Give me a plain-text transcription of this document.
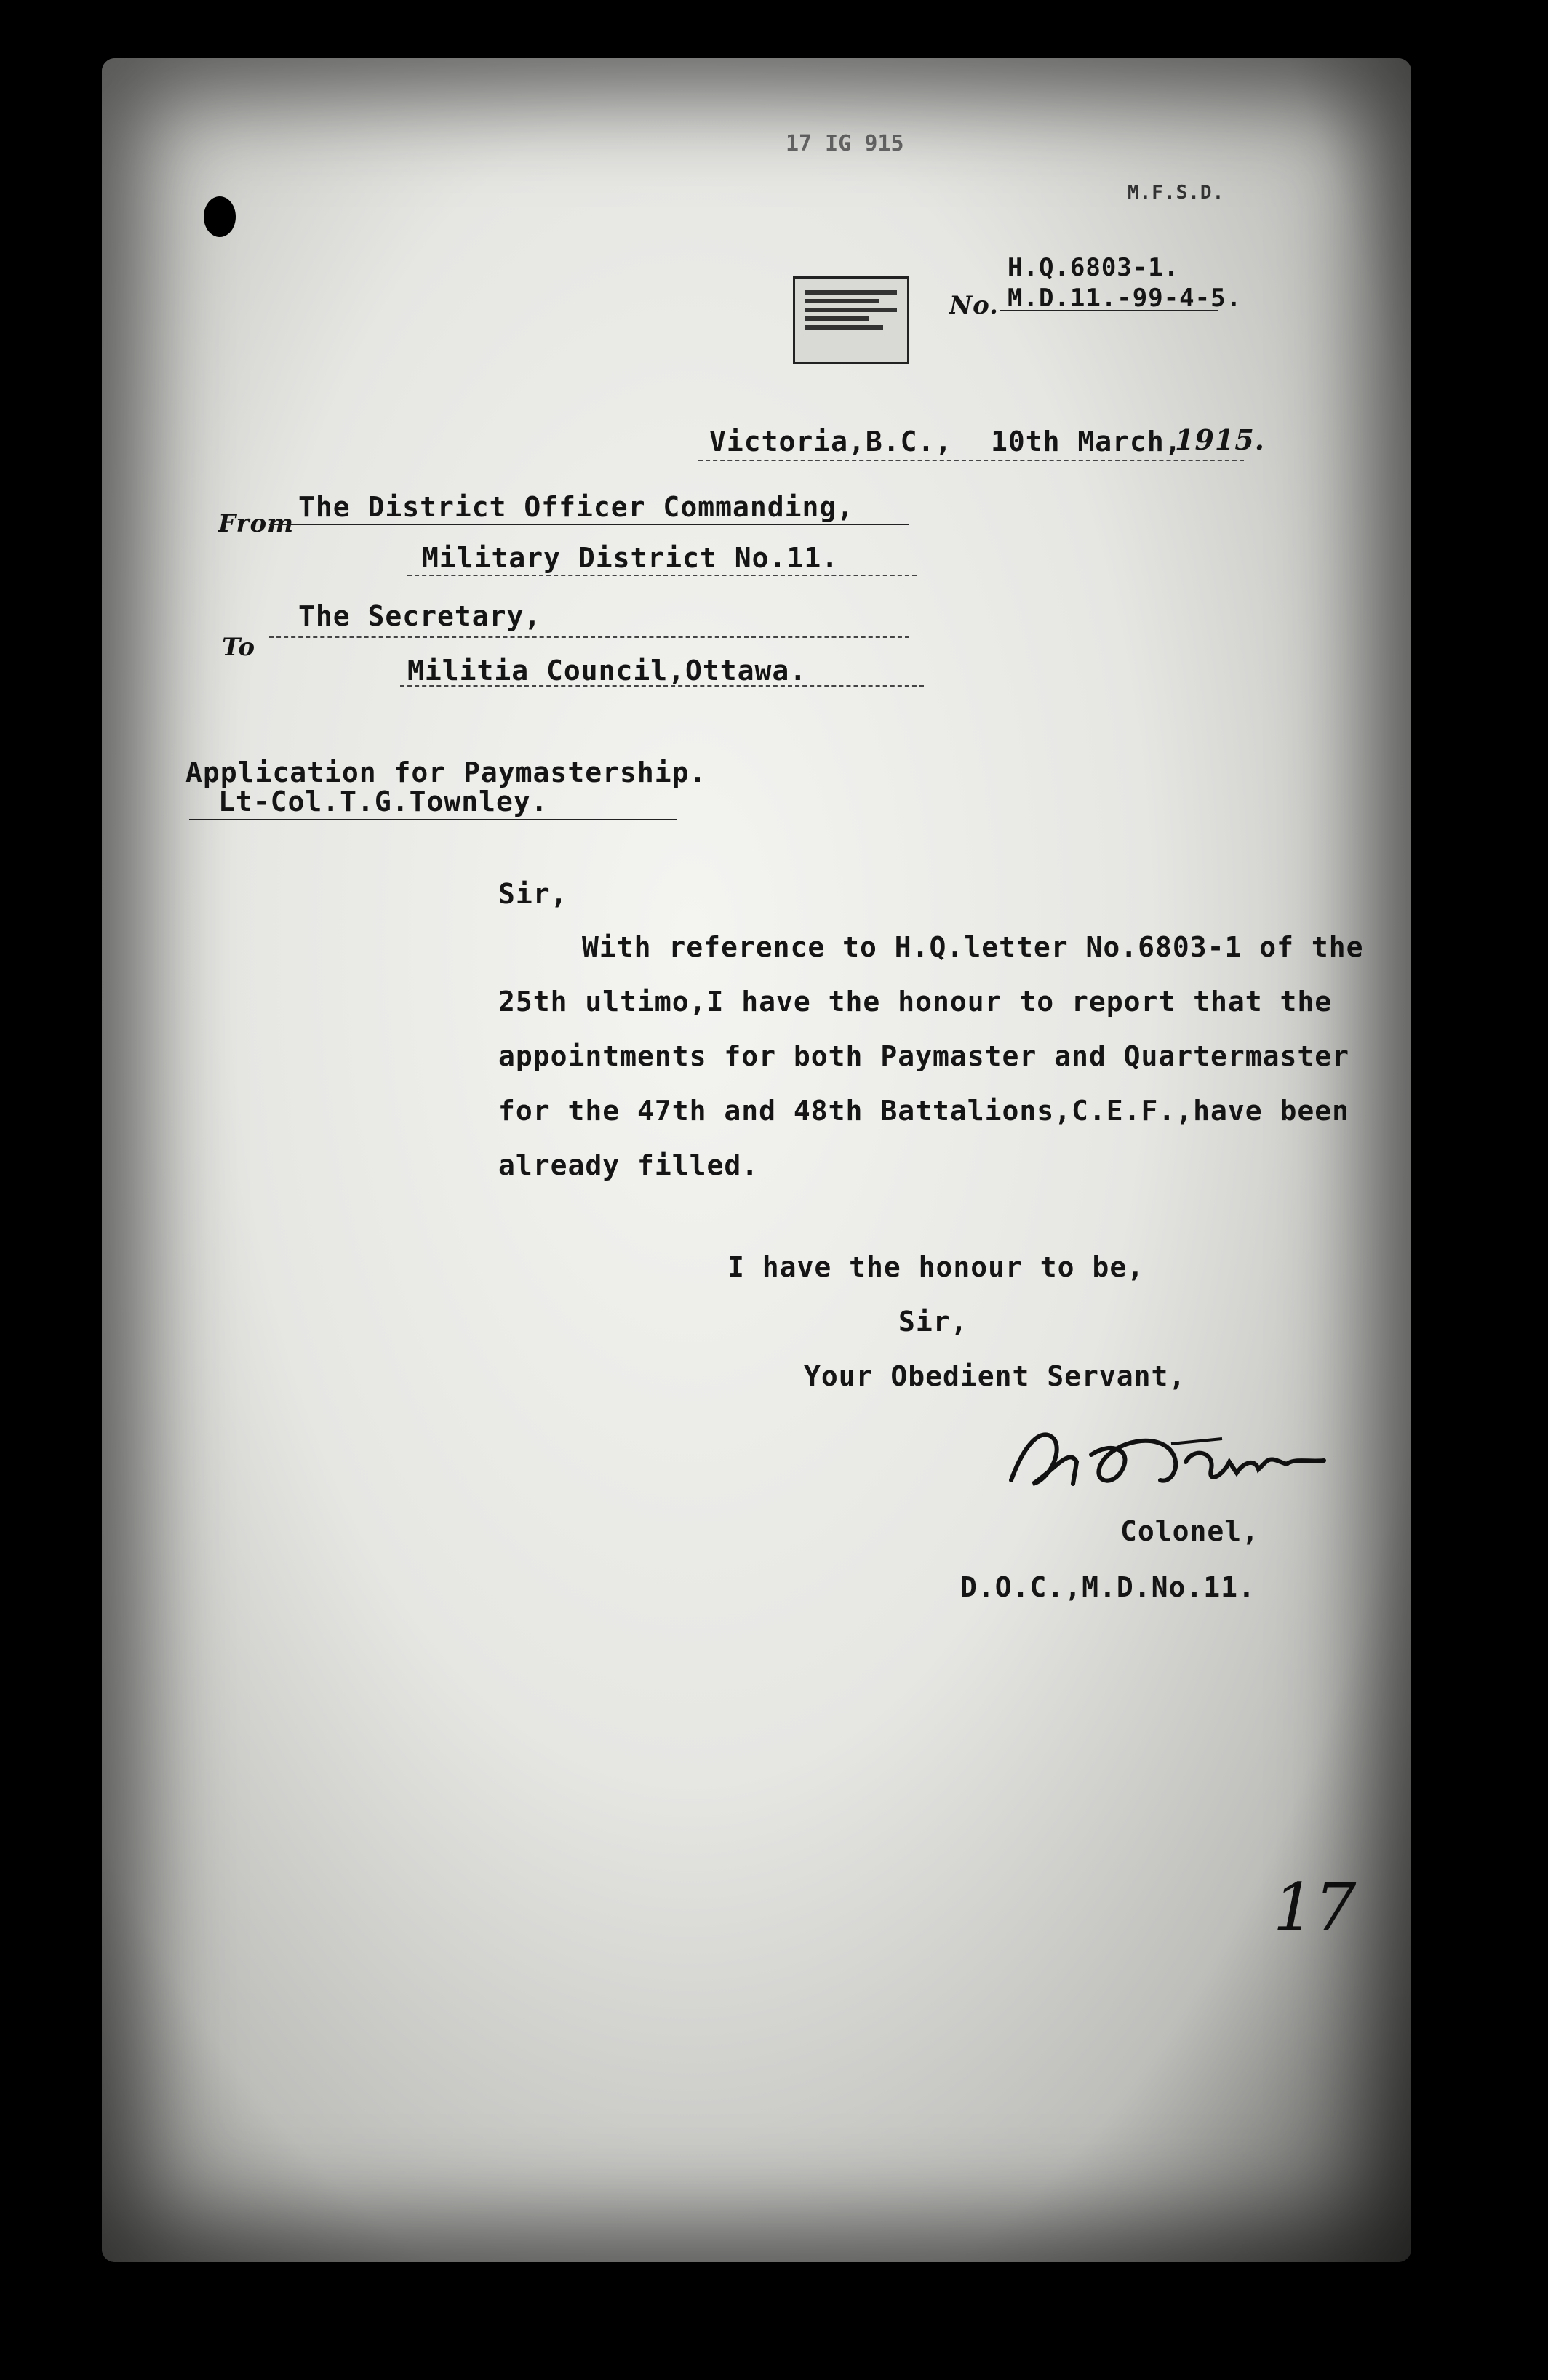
17 IG 915
M.F.S.D.
No.
H.Q.6803-1.
M.D.11.-99-4-5.
Victoria,B.C., 10th March,
1915.
From
The District Officer Commanding,
Military District No.11.
To
The Secretary,
Militia Council,Ottawa.
Application for Paymastership.
Lt-Col.T.G.Townley.
Sir,
With reference to H.Q.letter No.6803-1 of the
25th ultimo,I have the honour to report that the
appointments for both Paymaster and Quartermaster
for the 47th and 48th Battalions,C.E.F.,have been
already filled.
I have the honour to be,
Sir,
Your Obedient Servant,
Colonel,
D.O.C.,M.D.No.11.
17
